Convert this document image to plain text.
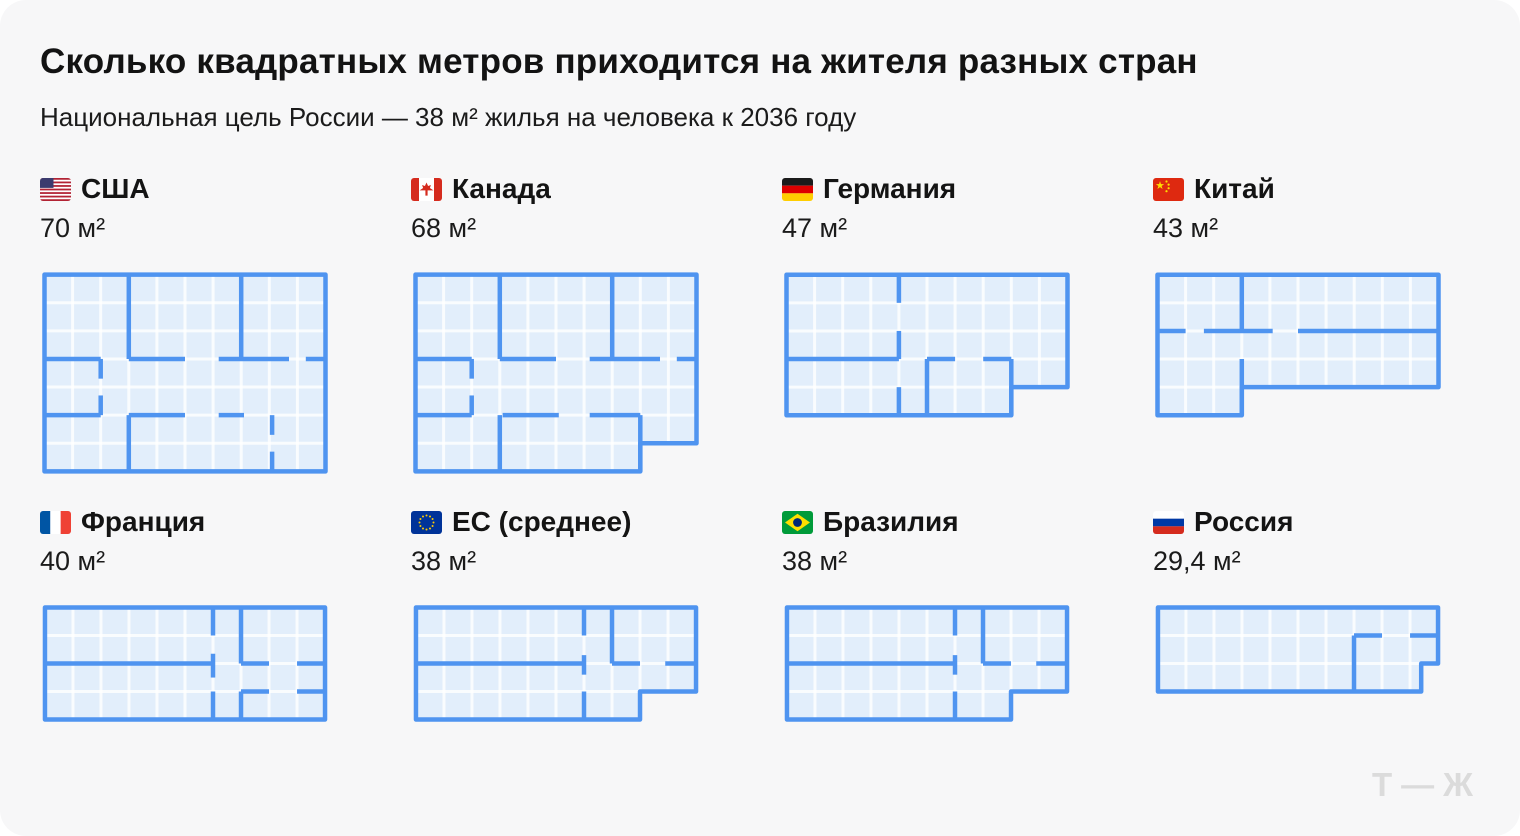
Сколько квадратных метров приходится на жителя разных стран

Национальная цель России — 38 м² жилья на человека к 2036 году

США
70 м²
Канада
68 м²
Германия
47 м²
Китай
43 м²
Франция
40 м²
ЕС (среднее)
38 м²
Бразилия
38 м²
Россия
29,4 м²
Т—Ж
